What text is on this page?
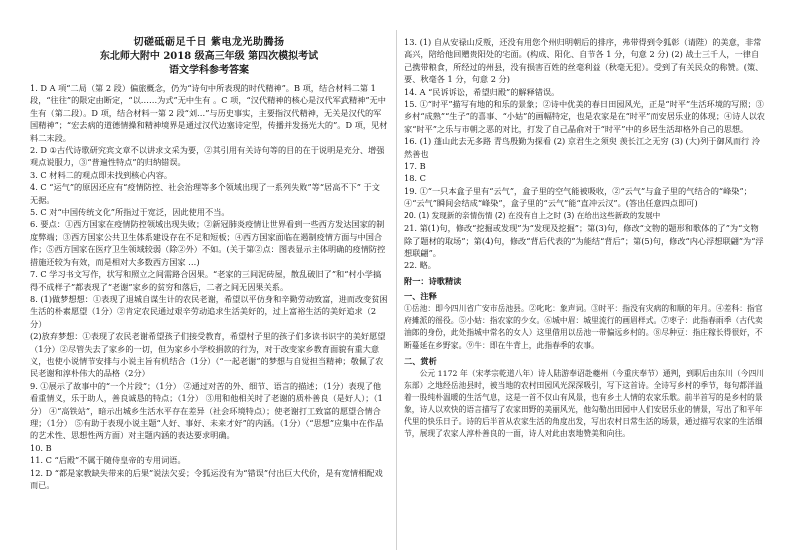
切磋砥砺足千日 紫电龙光助腾扬
东北师大附中 2018 级高三年级 第四次模拟考试
语文学科参考答案

1. D A 項“二局（第 2 段）偏旅概念，仍为“诗句中所表现的时代精神”。B 项，结合材料二第 1 段，“往往”的限定由断定，“以……为式”无中生有 。C 项，“汉代精神的核心是汉代军武精神”无中生有（第二段）。D 项，结合材料一第 2 段“刘…”与历史事实，主要指汉代精神，无关是汉代的军国精神”；“宏去病的道德情操和精神境界是通过汉代边塞诗定型，传播并发扬光大的”。D 项，见材料二末段。

2. D ①古代诗歌研究宾文章不以讲求文采为要，②其引用有关诗句等的目的在于说明是充分、增强观点说服力，③“普遍性特点”的归纳错误。

3. C 材料二的观点即未找到核心内容。

4. C “运气”的原因还应有“疫情防控、社会治理等多个领域出现了一系列失败”等“居高不下” 于文无据。

5. C 对“中国传统文化”所指过于宽泛，因此使用不当。

6. 要点：①西方国家在疫情防控领域出现失败；②新冠肺炎疫情让世界看到一些西方发达国家的制度弊端；③西方国家公共卫生体系建设存在不足和短板；④西方国家面临在遏制疫情方面与中国合作；⑤西方国家在医疗卫生领域较弱（除②外）不如。(关于第②点：图表显示主体明确的疫情防控措施还较为有效，而是相对大多数西方国家 …)

7. C 学习书文写作，状写和照立之间需路合因果。“老家的三间泥砖屋，散乱破旧了”和“村小学搞得不成样子”都表现了“老谢”家乡的贫穷和落后，二者之间无因果关系。

8. (1)做梦想想：①表现了退城自谋生计的农民老谢，希望以平仿身和辛勤劳动致富，进而改变贫困生活的朴素愿望（1分）②肯定农民通过艰辛劳动追求生活美好的，过上富裕生活的美好追求（2分）

(2)放弃梦想：①表现了农民老谢希望孩子们接受教育，希望村子里的孩子们多读书识字的美好愿望（1分）②尽管失去了家乡的一切，但为家乡小学校捐款的行为，对于改变家乡教育面貌有重大意义，也使小说情节安排与小说主旨有机结合（1分）（“一起老谢”的梦想与自觉担当精神；敬佩了农民老谢和淳朴伟大的品格（2分）

9. ①展示了故事中的“一个片段”；（1分） ②通过对苦的外、细节、语言的描述；（1分）表现了他看重情义，乐于助人，善良诚恳的特点；（1分） ③用和他相关时了老谢的质朴善良（是好人）；（1分） ④“高铁站”，暗示出城乡生活水平存在差异（社会环境特点）；使老谢打工致富的愿望合情合理；（1分） ⑤有助于表现小说主题“人好、事好、未来才好”的内涵。（1分）（“思想”应集中在作品的艺术性、思想性两方面）对主题内涵的表达要求明确。

10. B

11. C “后殿”不属于随侍皇帝的专用词语。

12. D “都是家教缺失带来的后果”说法欠妥；令狐运没有为“错误”付出巨大代价，是有宽情相配戏而已。

13. (1) 自从安禄山反叛，还没有用您个州归明朝后的排序，弗带得到令狐彰（请陛）的美意，非常高兴，陪给他回赠贵阳处的宅面。(构成、阳化、自节各 1 分，句意 2 分) (2) 战士三千人，一律自己携带粮食，所经过的州县，没有损害百姓的丝毫利益（秋毫无犯）。受到了有关民众的称赞。(策、要、秋毫各 1 分，句意 2 分)

14. A “民诉诉讼，希望归殿”的解释错误。

15. ①“时平”描写有地的和乐的景象；②诗中优美的春日田园风光，正是“时平”生活环境的写照；③乡村“成熟”“生子”的喜事、“小姑”的画幅特定，也是农家是在“时平”而安居乐业的体现；④诗人以农家“时平”之乐与市朝之恶的对比，打发了自己晶俞对于“时平”中的乡居生活却格外自己的思想。

16. (1) 蓬山此去无多路 青鸟殷勤为探看 (2) 京君生之须臾 羡长江之无穷 (3) (大)列于御风而行 泠然善也

17. B

18. C

19. ①“一只本盒子里有“云气”，盒子里的空气能被吸收，②“云气”与盒子里的气结合的“峰染”；④“云气”瞬间会结成“峰染”，盒子里的“云气”能“直冲云汉”。(答出任意四点即可)

20. (1) 发现新的亲情伤情 (2) 在没有自上之时 (3) 在给出这些新政的发展中

21. 第(1)句，修改“挖掘或发现”为“发现及挖掘”；第(3)句，修改“文物的题形和歌体的了”为“文物除了题材的取场”；第(4)句，修改“背后代表的”为能结“背后”；第(5)句，修改“内心浮想联翩”为“浮想联翩”。

22. 略。

附一：诗歌精读

一、注释

①岳池：即今四川省广安市岳池县。②叱叱：象声词。③时平：指没有灾病的和顺的年月。④差科：指官府摊派的徭役。⑤小姑：指农家的少女。⑥城中眉：城里流行的画眉样式。⑦枣子：此指春雨季（古代卖油郎的身份，此处指城中常名的女人）这里借用以岳池一带偏远乡村的。⑧尽种豆：指庄稼长得很好，不断蔓延在乡野家。⑨牛：即在牛背上，此指春季的农事。

二、赏析

公元 1172 年（宋孝宗乾道八年）诗人陆游奉诏赴夔州（今重庆奉节）通判，到职后由东川（今四川东部）之地经岳池县时，被当地的农村田园风光深深吸引，写下这首诗。全诗写乡村的季节，每句都洋溢着一股纯朴温暖的生活气息，这是一首不仅山有风景，也有乡土人情的农家乐歌。前半首写的是乡村的景象，诗人以欢快的语言描写了农家田野的美丽风光，他勾勒出田园中人们安居乐业的情景，写出了和平年代里的快乐日子。诗的后半首从农家生活的角度出发，写出农村日常生活的场景，通过描写农家的生活细节，展现了农家人淳朴善良的一面，诗人对此由衷地赞美和向往。
